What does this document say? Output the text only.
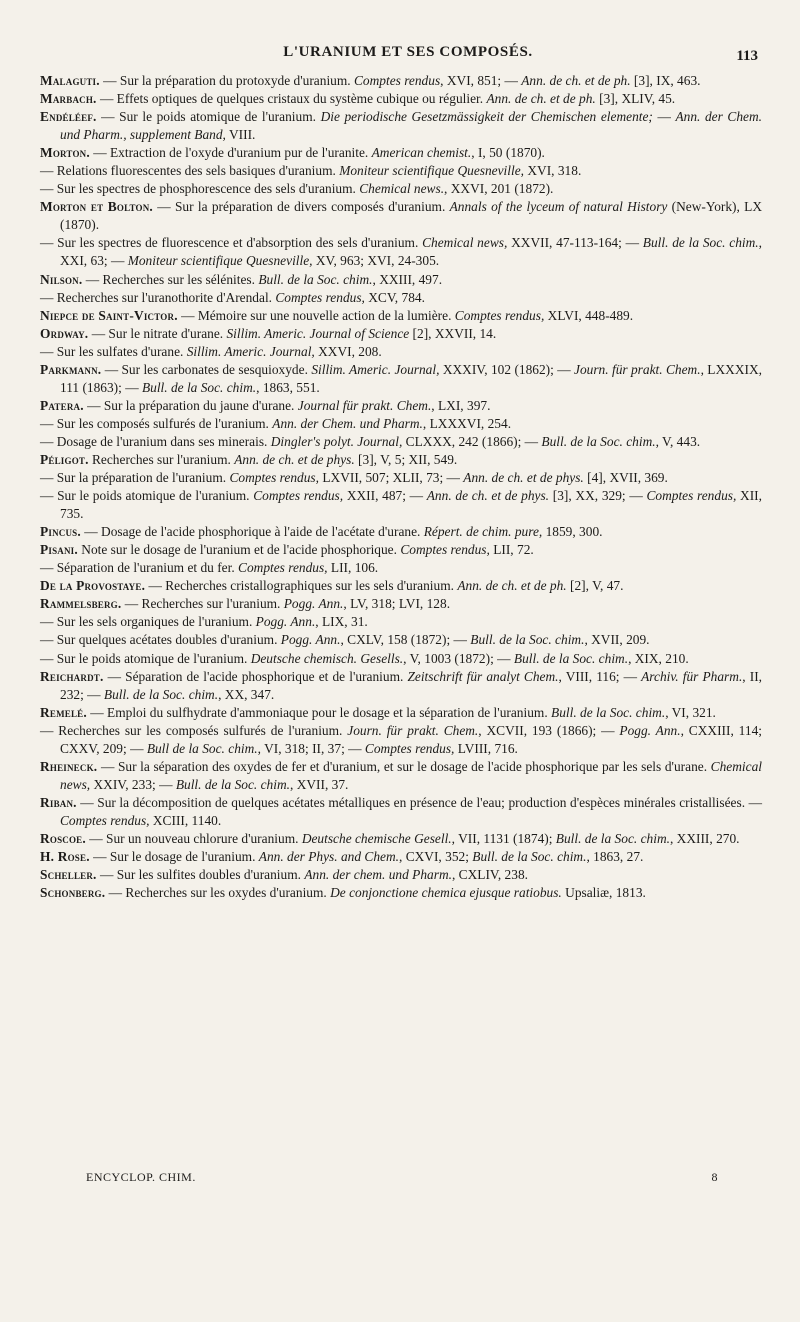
L'URANIUM ET SES COMPOSÉS.	113

Malaguti. — Sur la préparation du protoxyde d'uranium. Comptes rendus, XVI, 851; — Ann. de ch. et de ph. [3], IX, 463.

Marbach. — Effets optiques de quelques cristaux du système cubique ou régulier. Ann. de ch. et de ph. [3], XLIV, 45.

Endéléef. — Sur le poids atomique de l'uranium. Die periodische Gesetzmässigkeit der Chemischen elemente; — Ann. der Chem. und Pharm., supplement Band, VIII.

Morton. — Extraction de l'oxyde d'uranium pur de l'uranite. American chemist., I, 50 (1870).

— Relations fluorescentes des sels basiques d'uranium. Moniteur scientifique Quesneville, XVI, 318.

— Sur les spectres de phosphorescence des sels d'uranium. Chemical news., XXVI, 201 (1872).

Morton et Bolton. — Sur la préparation de divers composés d'uranium. Annals of the lyceum of natural History (New-York), LX (1870).

— Sur les spectres de fluorescence et d'absorption des sels d'uranium. Chemical news, XXVII, 47-113-164; — Bull. de la Soc. chim., XXI, 63; — Moniteur scientifique Quesneville, XV, 963; XVI, 24-305.

Nilson. — Recherches sur les sélénites. Bull. de la Soc. chim., XXIII, 497.

— Recherches sur l'uranothorite d'Arendal. Comptes rendus, XCV, 784.

Niepce de Saint-Victor. — Mémoire sur une nouvelle action de la lumière. Comptes rendus, XLVI, 448-489.

Ordway. — Sur le nitrate d'urane. Sillim. Americ. Journal of Science [2], XXVII, 14.

— Sur les sulfates d'urane. Sillim. Americ. Journal, XXVI, 208.

Parkmann. — Sur les carbonates de sesquioxyde. Sillim. Americ. Journal, XXXIV, 102 (1862); — Journ. für prakt. Chem., LXXXIX, 111 (1863); — Bull. de la Soc. chim., 1863, 551.

Patera. — Sur la préparation du jaune d'urane. Journal für prakt. Chem., LXI, 397.

— Sur les composés sulfurés de l'uranium. Ann. der Chem. und Pharm., LXXXVI, 254.

— Dosage de l'uranium dans ses minerais. Dingler's polyt. Journal, CLXXX, 242 (1866); — Bull. de la Soc. chim., V, 443.

Péligot. Recherches sur l'uranium. Ann. de ch. et de phys. [3], V, 5; XII, 549.

— Sur la préparation de l'uranium. Comptes rendus, LXVII, 507; XLII, 73; — Ann. de ch. et de phys. [4], XVII, 369.

— Sur le poids atomique de l'uranium. Comptes rendus, XXII, 487; — Ann. de ch. et de phys. [3], XX, 329; — Comptes rendus, XII, 735.

Pincus. — Dosage de l'acide phosphorique à l'aide de l'acétate d'urane. Répert. de chim. pure, 1859, 300.

Pisani. Note sur le dosage de l'uranium et de l'acide phosphorique. Comptes rendus, LII, 72.

— Séparation de l'uranium et du fer. Comptes rendus, LII, 106.

De la Provostaye. — Recherches cristallographiques sur les sels d'uranium. Ann. de ch. et de ph. [2], V, 47.

Rammelsberg. — Recherches sur l'uranium. Pogg. Ann., LV, 318; LVI, 128.

— Sur les sels organiques de l'uranium. Pogg. Ann., LIX, 31.

— Sur quelques acétates doubles d'uranium. Pogg. Ann., CXLV, 158 (1872); — Bull. de la Soc. chim., XVII, 209.

— Sur le poids atomique de l'uranium. Deutsche chemisch. Gesells., V, 1003 (1872); — Bull. de la Soc. chim., XIX, 210.

Reichardt. — Séparation de l'acide phosphorique et de l'uranium. Zeitschrift für analyt Chem., VIII, 116; — Archiv. für Pharm., II, 232; — Bull. de la Soc. chim., XX, 347.

Remelé. — Emploi du sulfhydrate d'ammoniaque pour le dosage et la séparation de l'uranium. Bull. de la Soc. chim., VI, 321.

— Recherches sur les composés sulfurés de l'uranium. Journ. für prakt. Chem., XCVII, 193 (1866); — Pogg. Ann., CXXIII, 114; CXXV, 209; — Bull de la Soc. chim., VI, 318; II, 37; — Comptes rendus, LVIII, 716.

Rheineck. — Sur la séparation des oxydes de fer et d'uranium, et sur le dosage de l'acide phosphorique par les sels d'urane. Chemical news, XXIV, 233; — Bull. de la Soc. chim., XVII, 37.

Riban. — Sur la décomposition de quelques acétates métalliques en présence de l'eau; production d'espèces minérales cristallisées. — Comptes rendus, XCIII, 1140.

Roscoe. — Sur un nouveau chlorure d'uranium. Deutsche chemische Gesell., VII, 1131 (1874); Bull. de la Soc. chim., XXIII, 270.

H. Rose. — Sur le dosage de l'uranium. Ann. der Phys. and Chem., CXVI, 352; Bull. de la Soc. chim., 1863, 27.

Scheller. — Sur les sulfites doubles d'uranium. Ann. der chem. und Pharm., CXLIV, 238.

Schonberg. — Recherches sur les oxydes d'uranium. De conjonctione chemica ejusque ratiobus. Upsaliæ, 1813.

ENCYCLOP. CHIM.	8
